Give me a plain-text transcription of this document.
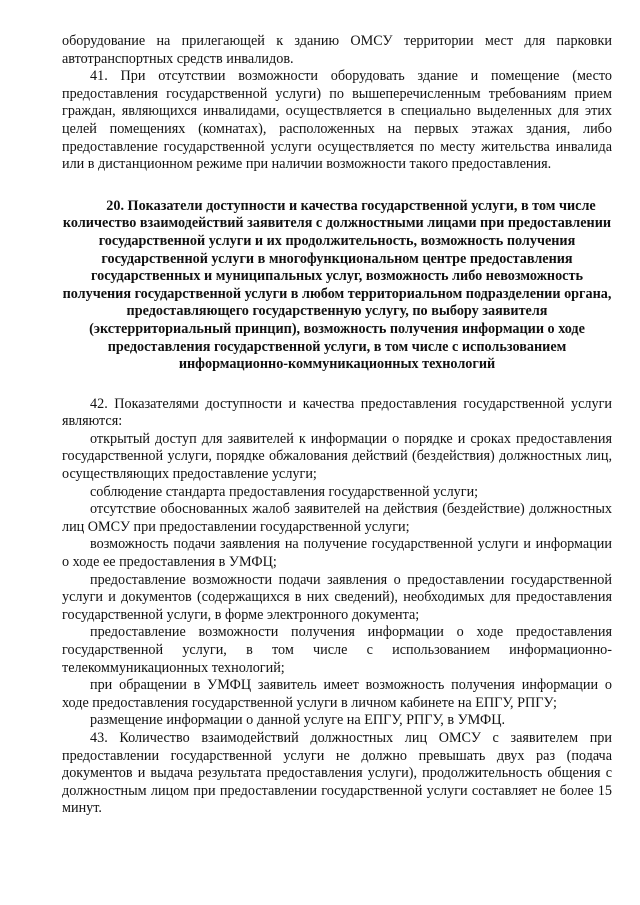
оборудование на прилегающей к зданию ОМСУ территории мест для парковки автотранспортных средств инвалидов.

41. При отсутствии возможности оборудовать здание и помещение (место предоставления государственной услуги) по вышеперечисленным требованиям прием граждан, являющихся инвалидами, осуществляется в специально выделенных для этих целей помещениях (комнатах), расположенных на первых этажах здания, либо предоставление государственной услуги осуществляется по месту жительства инвалида или в дистанционном режиме при наличии возможности такого предоставления.

20. Показатели доступности и качества государственной услуги, в том числе количество взаимодействий заявителя с должностными лицами при предоставлении государственной услуги и их продолжительность, возможность получения государственной услуги в многофункциональном центре предоставления государственных и муниципальных услуг, возможность либо невозможность получения государственной услуги в любом территориальном подразделении органа, предоставляющего государственную услугу, по выбору заявителя (экстерриториальный принцип), возможность получения информации о ходе предоставления государственной услуги, в том числе с использованием информационно-коммуникационных технологий

42. Показателями доступности и качества предоставления государственной услуги являются:

открытый доступ для заявителей к информации о порядке и сроках предоставления государственной услуги, порядке обжалования действий (бездействия) должностных лиц, осуществляющих предоставление услуги;

соблюдение стандарта предоставления государственной услуги;

отсутствие обоснованных жалоб заявителей на действия (бездействие) должностных лиц ОМСУ при предоставлении государственной услуги;

возможность подачи заявления на получение государственной услуги и информации о ходе ее предоставления в УМФЦ;

предоставление возможности подачи заявления о предоставлении государственной услуги и документов (содержащихся в них сведений), необходимых для предоставления государственной услуги, в форме электронного документа;

предоставление возможности получения информации о ходе предоставления государственной услуги, в том числе с использованием информационно-телекоммуникационных технологий;

при обращении в УМФЦ заявитель имеет возможность получения информации о ходе предоставления государственной услуги в личном кабинете на ЕПГУ, РПГУ;

размещение информации о данной услуге на ЕПГУ, РПГУ, в УМФЦ.

43. Количество взаимодействий должностных лиц ОМСУ с заявителем при предоставлении государственной услуги не должно превышать двух раз (подача документов и выдача результата предоставления услуги), продолжительность общения с должностным лицом при предоставлении государственной услуги составляет не более 15 минут.
